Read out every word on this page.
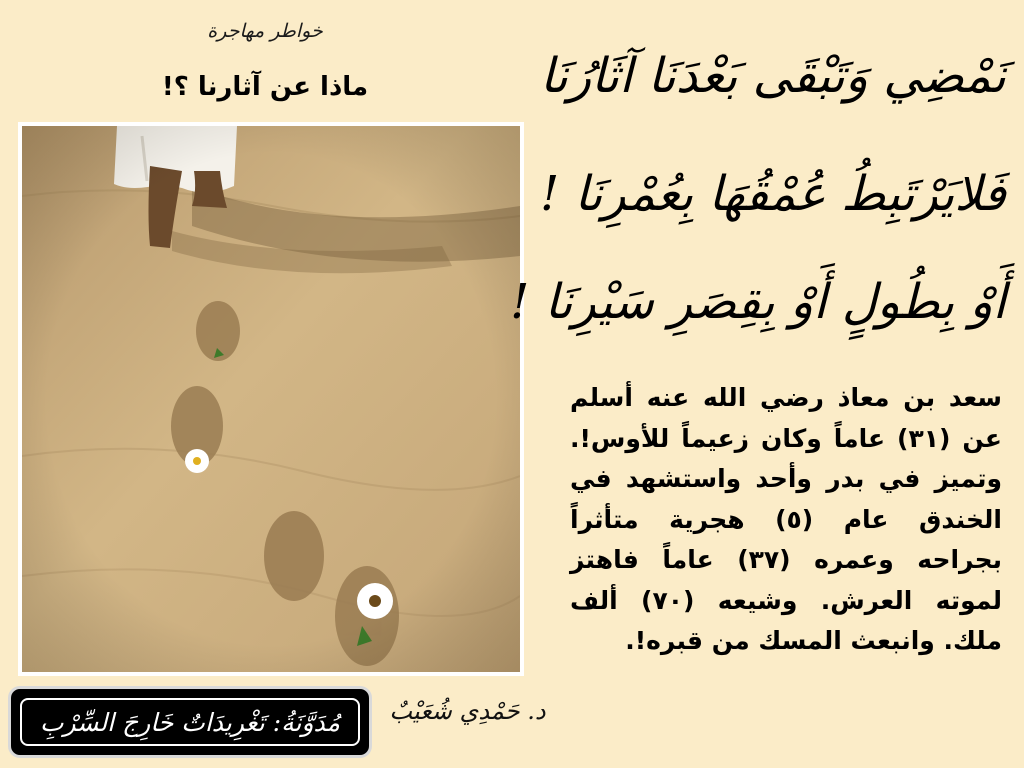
خواطر مهاجرة
ماذا عن آثارنا ؟!	نَمْضِي وَتَبْقَى بَعْدَنَا آثَارُنَا
فَلايَرْتَبِطُ عُمْقُهَا بِعُمْرِنَا !
أَوْ بِطُولٍ أَوْ بِقِصَرِ سَيْرِنَا !
سعد بن معاذ رضي الله عنه أسلم عن (٣١) عاماً وكان زعيماً للأوس!. وتميز في بدر وأحد واستشهد في الخندق عام (٥) هجرية متأثراً بجراحه وعمره (٣٧) عاماً فاهتز لموته العرش. وشيعه (٧٠) ألف ملك. وانبعث المسك من قبره!.
د. حَمْدِي شُعَيْبٌ
مُدَوَّنَةُ:
تَغْرِيدَاتٌ خَارِجَ السِّرْبِ
